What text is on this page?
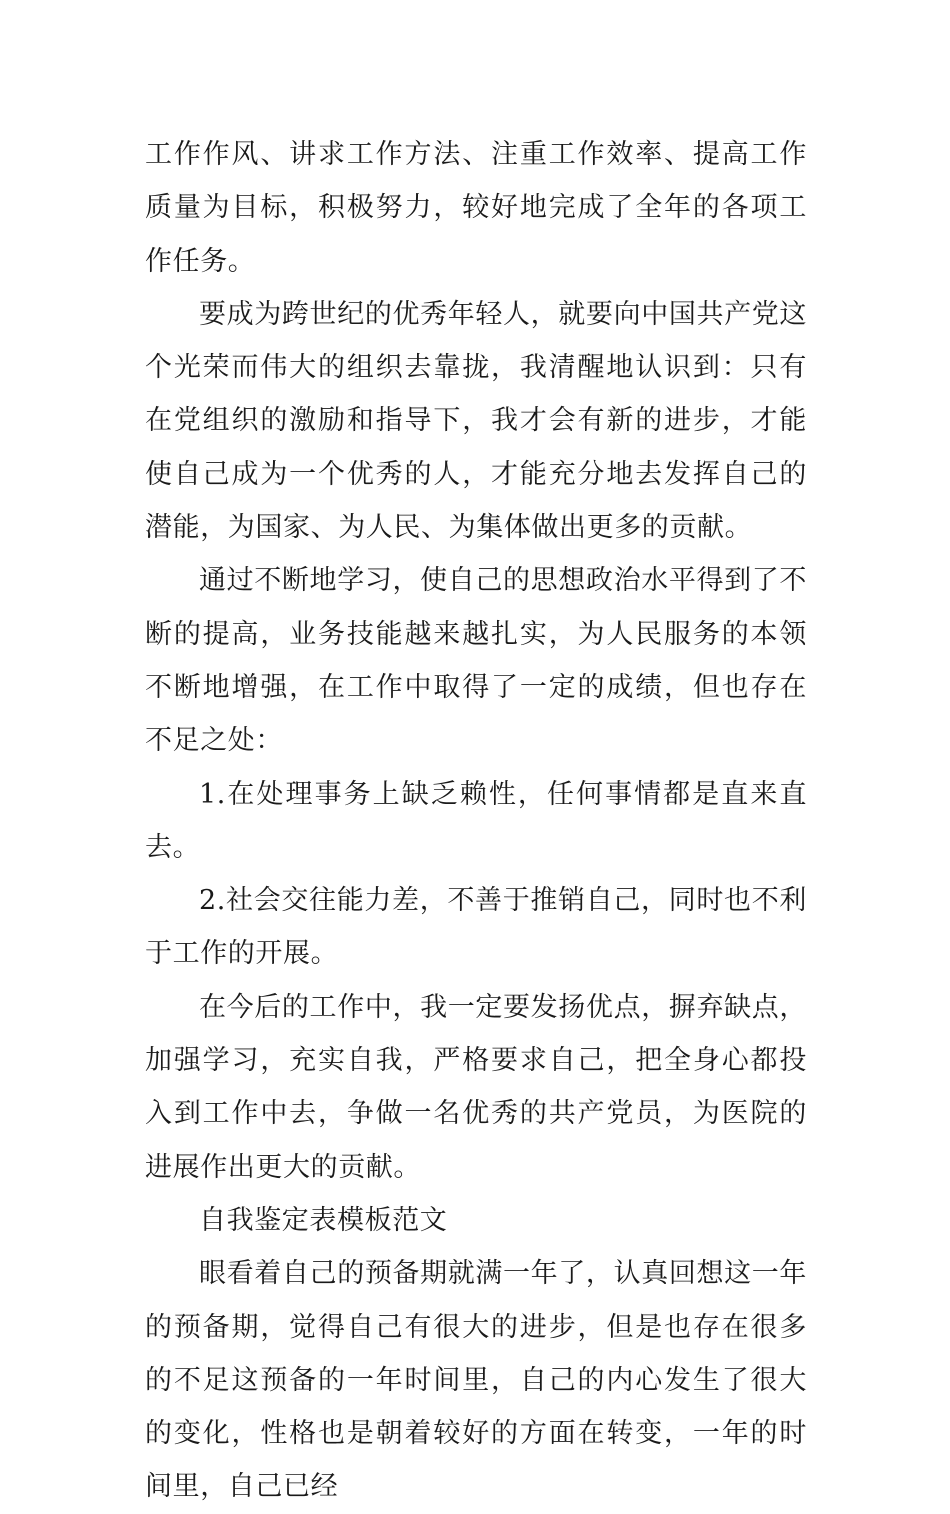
工作作风、讲求工作方法、注重工作效率、提高工作质量为目标，积极努力，较好地完成了全年的各项工作任务。

要成为跨世纪的优秀年轻人，就要向中国共产党这个光荣而伟大的组织去靠拢，我清醒地认识到：只有在党组织的激励和指导下，我才会有新的进步，才能使自己成为一个优秀的人，才能充分地去发挥自己的潜能，为国家、为人民、为集体做出更多的贡献。

通过不断地学习，使自己的思想政治水平得到了不断的提高，业务技能越来越扎实，为人民服务的本领不断地增强，在工作中取得了一定的成绩，但也存在不足之处：

1.在处理事务上缺乏赖性，任何事情都是直来直去。

2.社会交往能力差，不善于推销自己，同时也不利于工作的开展。

在今后的工作中，我一定要发扬优点，摒弃缺点，加强学习，充实自我，严格要求自己，把全身心都投入到工作中去，争做一名优秀的共产党员，为医院的进展作出更大的贡献。

自我鉴定表模板范文

眼看着自己的预备期就满一年了，认真回想这一年的预备期，觉得自己有很大的进步，但是也存在很多的不足这预备的一年时间里，自己的内心发生了很大的变化，性格也是朝着较好的方面在转变，一年的时间里，自己已经
